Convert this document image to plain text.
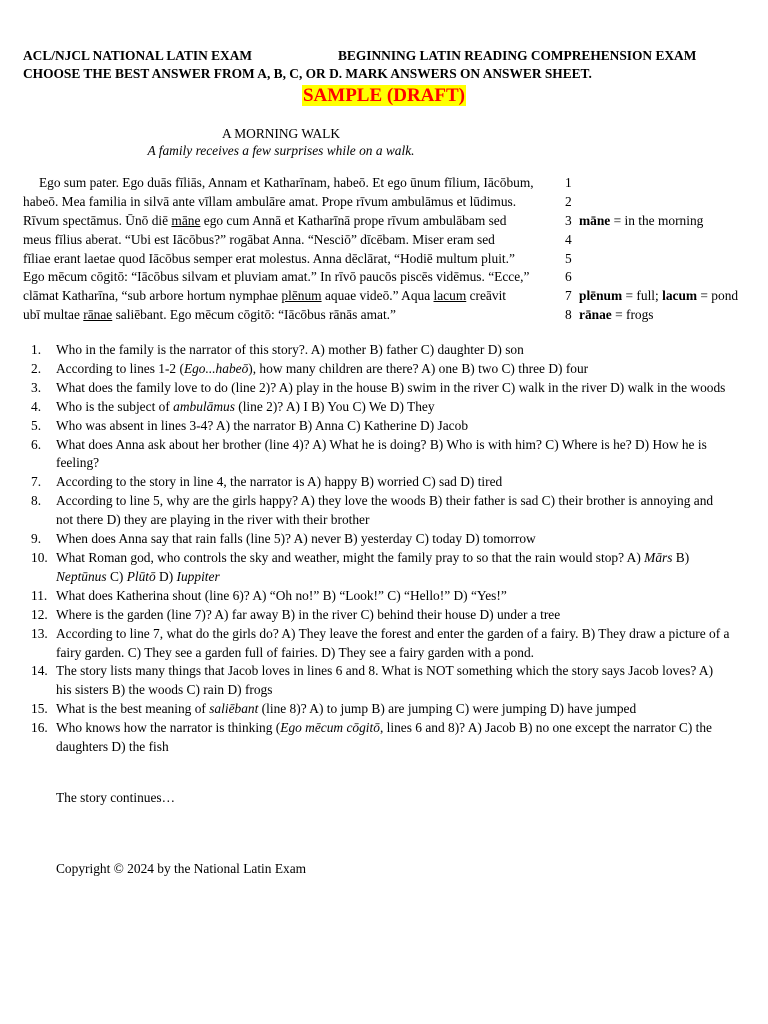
ACL/NJCL NATIONAL LATIN EXAM	BEGINNING LATIN READING COMPREHENSION EXAM
CHOOSE THE BEST ANSWER FROM A, B, C, OR D. MARK ANSWERS ON ANSWER SHEET.
SAMPLE (DRAFT)
A MORNING WALK
A family receives a few surprises while on a walk.
Ego sum pater. Ego duās fīliās, Annam et Katharīnam, habeō. Et ego ūnum fīlium, Iācōbum, 1
habeō. Mea familia in silvā ante vīllam ambulāre amat. Prope rīvum ambulāmus et lūdimus.	2
Rīvum spectāmus. Ūnō diē māne ego cum Annā et Katharīnā prope rīvum ambulābam sed	3 māne = in the morning
meus fīlius aberat. “Ubi est Iācōbus?” rogābat Anna. “Nesciō” dīcēbam. Miser eram sed	4
fīliae erant laetae quod Iācōbus semper erat molestus. Anna dēclārat, “Hodiē multum pluit.”	5
Ego mēcum cōgitō: “Iācōbus silvam et pluviam amat.” In rīvō paucōs piscēs vidēmus. “Ecce,”	6
clāmat Katharīna, “sub arbore hortum nymphae plēnum aquae videō.” Aqua lacum creāvit	7 plēnum = full; lacum = pond
ubī multae rānae saliēbant. Ego mēcum cōgitō: “Iācōbus rānās amat.”	8 rānae = frogs
1. Who in the family is the narrator of this story?. A) mother B) father C) daughter D) son
2. According to lines 1-2 (Ego...habeō), how many children are there? A) one B) two C) three D) four
3. What does the family love to do (line 2)? A) play in the house B) swim in the river C) walk in the river D) walk in the woods
4. Who is the subject of ambulāmus (line 2)? A) I B) You C) We D) They
5. Who was absent in lines 3-4? A) the narrator B) Anna C) Katherine D) Jacob
6. What does Anna ask about her brother (line 4)? A) What he is doing? B) Who is with him? C) Where is he? D) How he is feeling?
7. According to the story in line 4, the narrator is A) happy B) worried C) sad D) tired
8. According to line 5, why are the girls happy? A) they love the woods B) their father is sad C) their brother is annoying and not there D) they are playing in the river with their brother
9. When does Anna say that rain falls (line 5)? A) never B) yesterday C) today D) tomorrow
10. What Roman god, who controls the sky and weather, might the family pray to so that the rain would stop? A) Mārs B) Neptūnus C) Plūtō D) Iuppiter
11. What does Katherina shout (line 6)? A) “Oh no!” B) “Look!” C) “Hello!” D) “Yes!”
12. Where is the garden (line 7)? A) far away B) in the river C) behind their house D) under a tree
13. According to line 7, what do the girls do? A) They leave the forest and enter the garden of a fairy. B) They draw a picture of a fairy garden. C) They see a garden full of fairies. D) They see a fairy garden with a pond.
14. The story lists many things that Jacob loves in lines 6 and 8. What is NOT something which the story says Jacob loves? A) his sisters B) the woods C) rain D) frogs
15. What is the best meaning of saliēbant (line 8)? A) to jump B) are jumping C) were jumping D) have jumped
16. Who knows how the narrator is thinking (Ego mēcum cōgitō, lines 6 and 8)? A) Jacob B) no one except the narrator C) the daughters D) the fish
The story continues…
Copyright © 2024 by the National Latin Exam
